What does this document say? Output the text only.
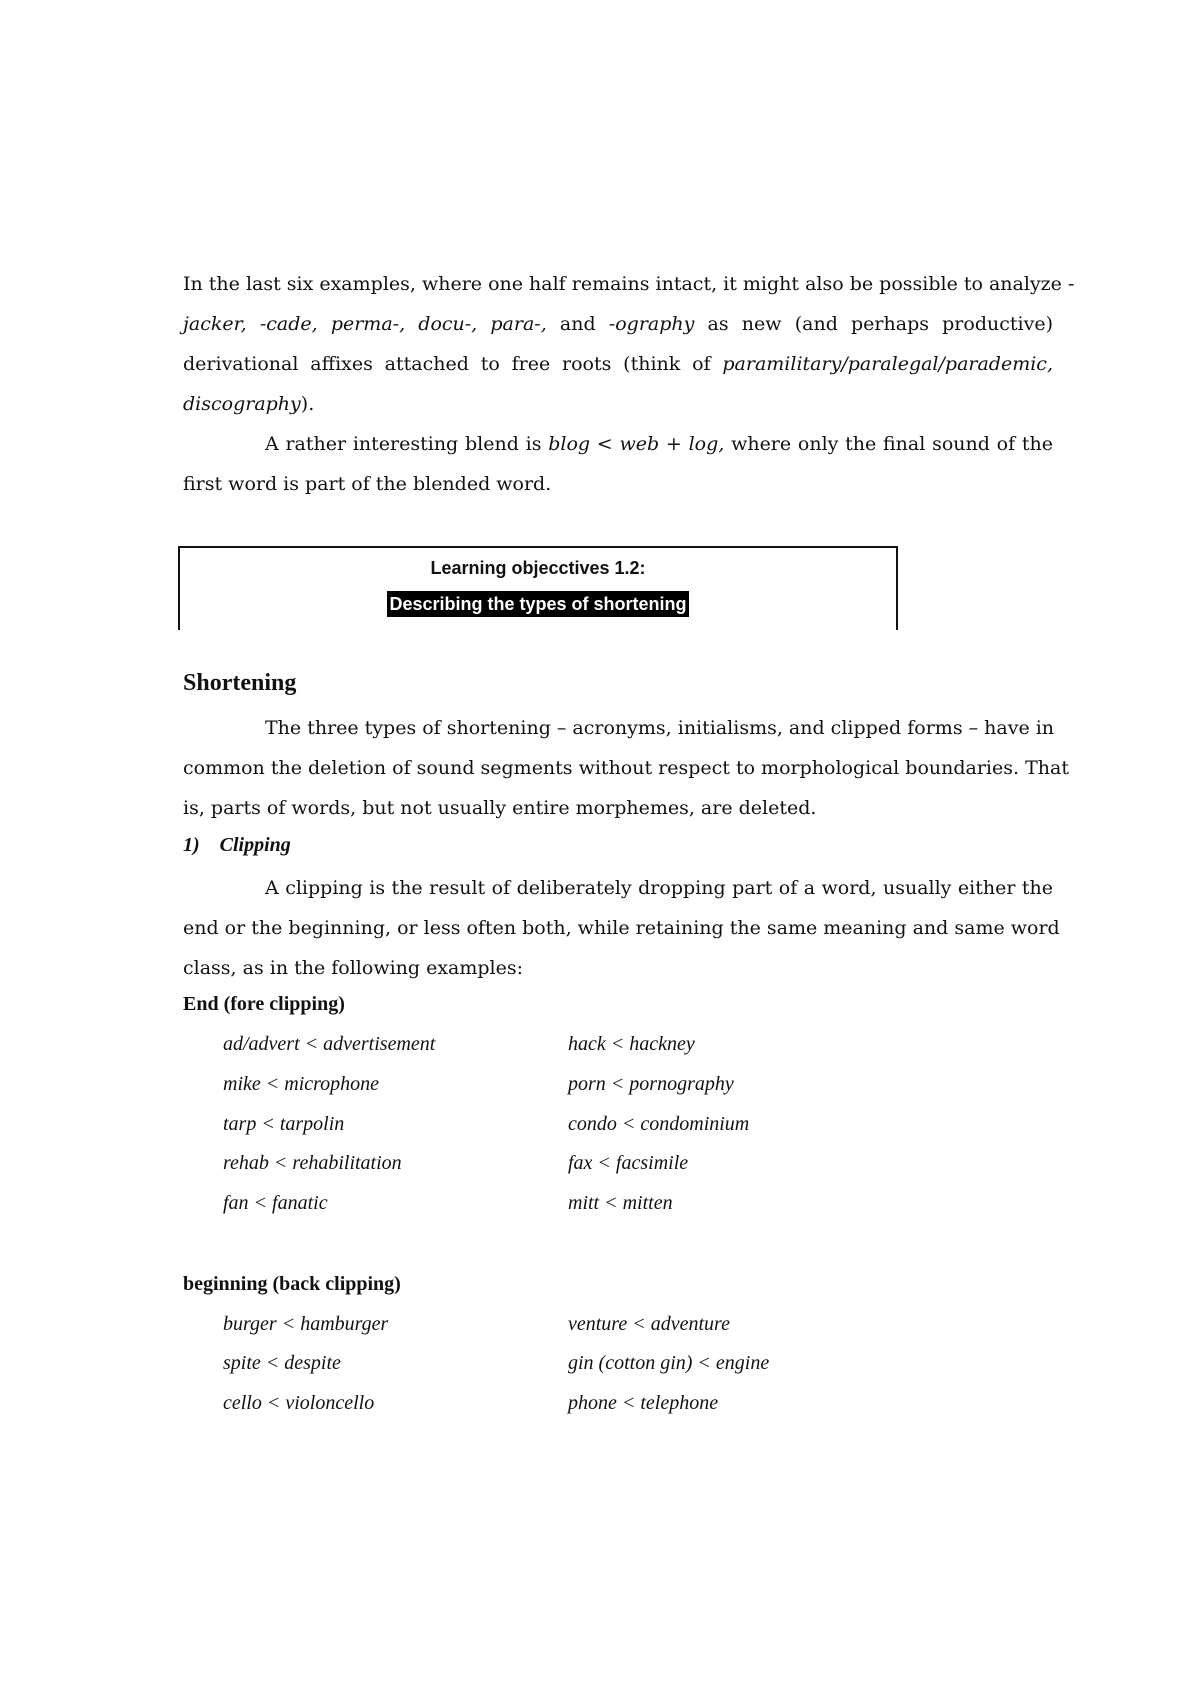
In the last six examples, where one half remains intact, it might also be possible to analyze -
jacker, -cade, perma-, docu-, para-, and -ography as new (and perhaps productive)
derivational affixes attached to free roots (think of paramilitary/paralegal/parademic,
discography).
A rather interesting blend is blog < web + log, where only the final sound of the
first word is part of the blended word.
Learning objecctives 1.2:
Describing the types of shortening
Shortening
The three types of shortening – acronyms, initialisms, and clipped forms – have in
common the deletion of sound segments without respect to morphological boundaries. That
is, parts of words, but not usually entire morphemes, are deleted.
1)    Clipping
A clipping is the result of deliberately dropping part of a word, usually either the
end or the beginning, or less often both, while retaining the same meaning and same word
class, as in the following examples:
End (fore clipping)
ad/advert < advertisement
mike < microphone
tarp < tarpolin
rehab < rehabilitation
fan < fanatic
hack < hackney
porn < pornography
condo < condominium
fax < facsimile
mitt < mitten
beginning (back clipping)
burger < hamburger
spite < despite
cello < violoncello
venture < adventure
gin (cotton gin) < engine
phone < telephone
